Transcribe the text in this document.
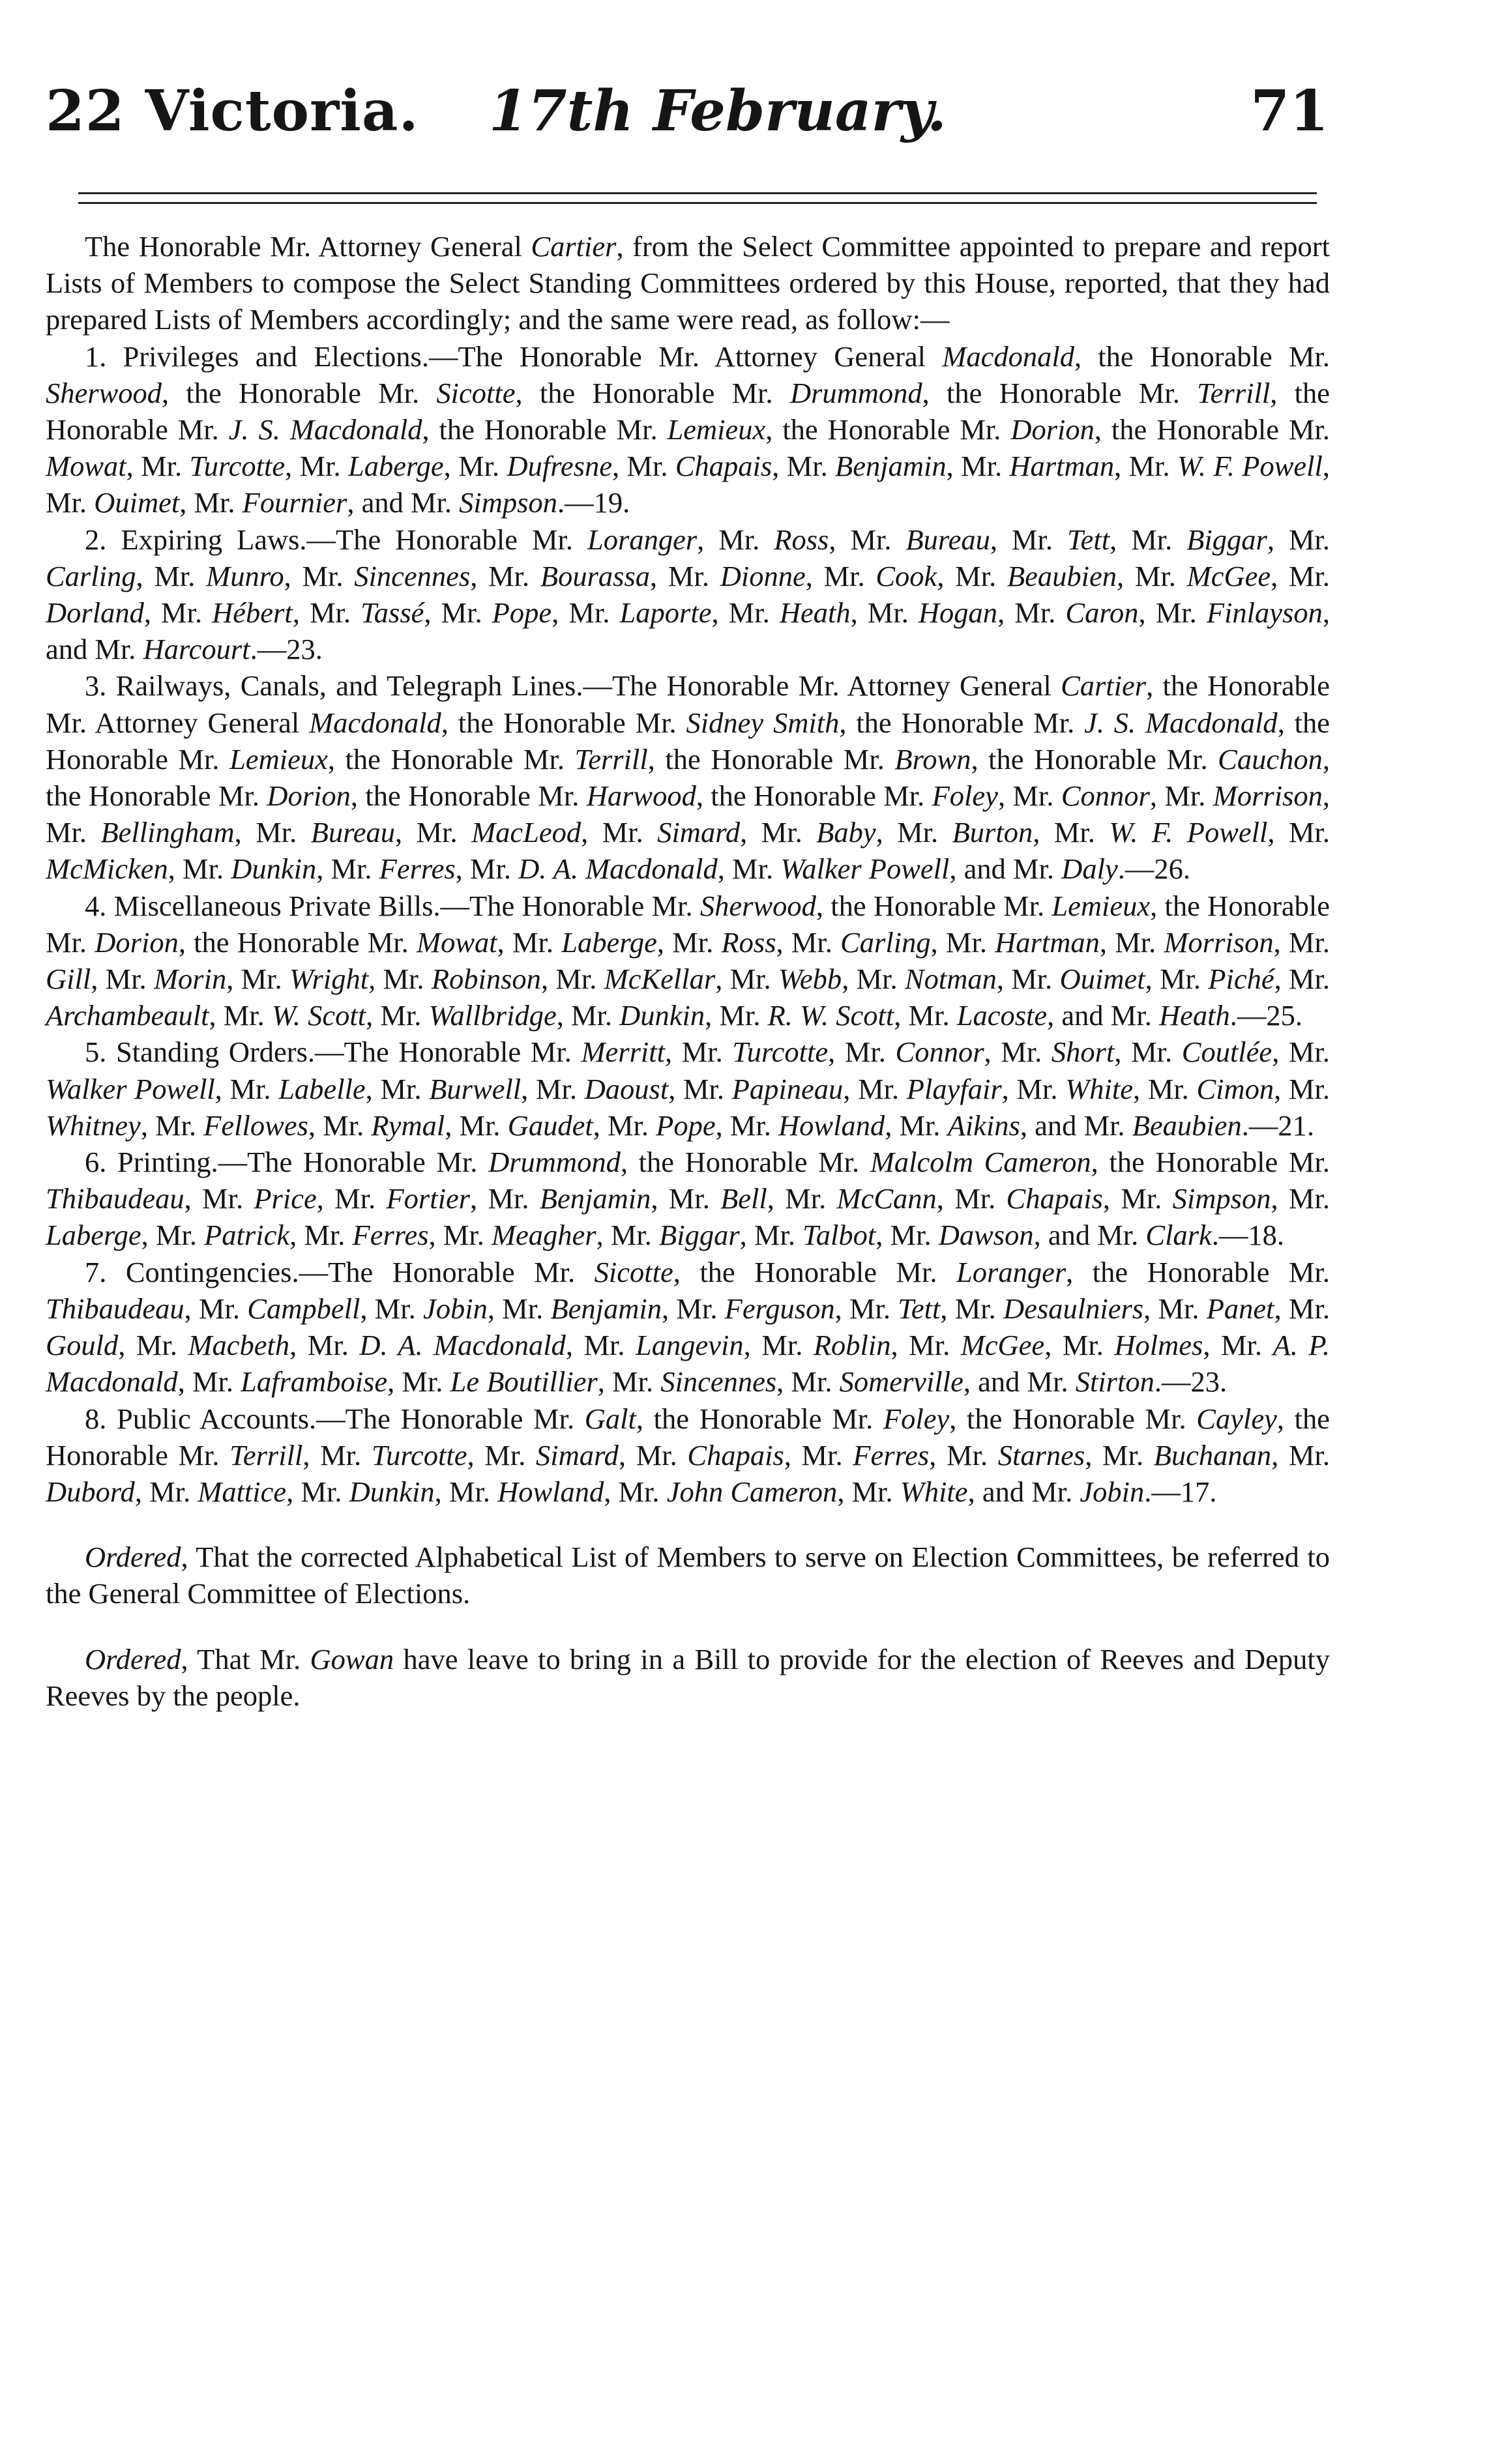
22 Victoria. 17th February.	71

The Honorable Mr. Attorney General Cartier, from the Select Committee appointed to prepare and report Lists of Members to compose the Select Standing Committees ordered by this House, reported, that they had prepared Lists of Members accordingly; and the same were read, as follow:—

1. Privileges and Elections.—The Honorable Mr. Attorney General Macdonald, the Honorable Mr. Sherwood, the Honorable Mr. Sicotte, the Honorable Mr. Drummond, the Honorable Mr. Terrill, the Honorable Mr. J. S. Macdonald, the Honorable Mr. Lemieux, the Honorable Mr. Dorion, the Honorable Mr. Mowat, Mr. Turcotte, Mr. Laberge, Mr. Dufresne, Mr. Chapais, Mr. Benjamin, Mr. Hartman, Mr. W. F. Powell, Mr. Ouimet, Mr. Fournier, and Mr. Simpson.—19.

2. Expiring Laws.—The Honorable Mr. Loranger, Mr. Ross, Mr. Bureau, Mr. Tett, Mr. Biggar, Mr. Carling, Mr. Munro, Mr. Sincennes, Mr. Bourassa, Mr. Dionne, Mr. Cook, Mr. Beaubien, Mr. McGee, Mr. Dorland, Mr. Hébert, Mr. Tassé, Mr. Pope, Mr. Laporte, Mr. Heath, Mr. Hogan, Mr. Caron, Mr. Finlayson, and Mr. Harcourt.—23.

3. Railways, Canals, and Telegraph Lines.—The Honorable Mr. Attorney General Cartier, the Honorable Mr. Attorney General Macdonald, the Honorable Mr. Sidney Smith, the Honorable Mr. J. S. Macdonald, the Honorable Mr. Lemieux, the Honorable Mr. Terrill, the Honorable Mr. Brown, the Honorable Mr. Cauchon, the Honorable Mr. Dorion, the Honorable Mr. Harwood, the Honorable Mr. Foley, Mr. Connor, Mr. Morrison, Mr. Bellingham, Mr. Bureau, Mr. MacLeod, Mr. Simard, Mr. Baby, Mr. Burton, Mr. W. F. Powell, Mr. McMicken, Mr. Dunkin, Mr. Ferres, Mr. D. A. Macdonald, Mr. Walker Powell, and Mr. Daly.—26.

4. Miscellaneous Private Bills.—The Honorable Mr. Sherwood, the Honorable Mr. Lemieux, the Honorable Mr. Dorion, the Honorable Mr. Mowat, Mr. Laberge, Mr. Ross, Mr. Carling, Mr. Hartman, Mr. Morrison, Mr. Gill, Mr. Morin, Mr. Wright, Mr. Robinson, Mr. McKellar, Mr. Webb, Mr. Notman, Mr. Ouimet, Mr. Piché, Mr. Archambeault, Mr. W. Scott, Mr. Wallbridge, Mr. Dunkin, Mr. R. W. Scott, Mr. Lacoste, and Mr. Heath.—25.

5. Standing Orders.—The Honorable Mr. Merritt, Mr. Turcotte, Mr. Connor, Mr. Short, Mr. Coutlée, Mr. Walker Powell, Mr. Labelle, Mr. Burwell, Mr. Daoust, Mr. Papineau, Mr. Playfair, Mr. White, Mr. Cimon, Mr. Whitney, Mr. Fellowes, Mr. Rymal, Mr. Gaudet, Mr. Pope, Mr. Howland, Mr. Aikins, and Mr. Beaubien.—21.

6. Printing.—The Honorable Mr. Drummond, the Honorable Mr. Malcolm Cameron, the Honorable Mr. Thibaudeau, Mr. Price, Mr. Fortier, Mr. Benjamin, Mr. Bell, Mr. McCann, Mr. Chapais, Mr. Simpson, Mr. Laberge, Mr. Patrick, Mr. Ferres, Mr. Meagher, Mr. Biggar, Mr. Talbot, Mr. Dawson, and Mr. Clark.—18.

7. Contingencies.—The Honorable Mr. Sicotte, the Honorable Mr. Loranger, the Honorable Mr. Thibaudeau, Mr. Campbell, Mr. Jobin, Mr. Benjamin, Mr. Ferguson, Mr. Tett, Mr. Desaulniers, Mr. Panet, Mr. Gould, Mr. Macbeth, Mr. D. A. Macdonald, Mr. Langevin, Mr. Roblin, Mr. McGee, Mr. Holmes, Mr. A. P. Macdonald, Mr. Laframboise, Mr. Le Boutillier, Mr. Sincennes, Mr. Somerville, and Mr. Stirton.—23.

8. Public Accounts.—The Honorable Mr. Galt, the Honorable Mr. Foley, the Honorable Mr. Cayley, the Honorable Mr. Terrill, Mr. Turcotte, Mr. Simard, Mr. Chapais, Mr. Ferres, Mr. Starnes, Mr. Buchanan, Mr. Dubord, Mr. Mattice, Mr. Dunkin, Mr. Howland, Mr. John Cameron, Mr. White, and Mr. Jobin.—17.

Ordered, That the corrected Alphabetical List of Members to serve on Election Committees, be referred to the General Committee of Elections.

Ordered, That Mr. Gowan have leave to bring in a Bill to provide for the election of Reeves and Deputy Reeves by the people.
